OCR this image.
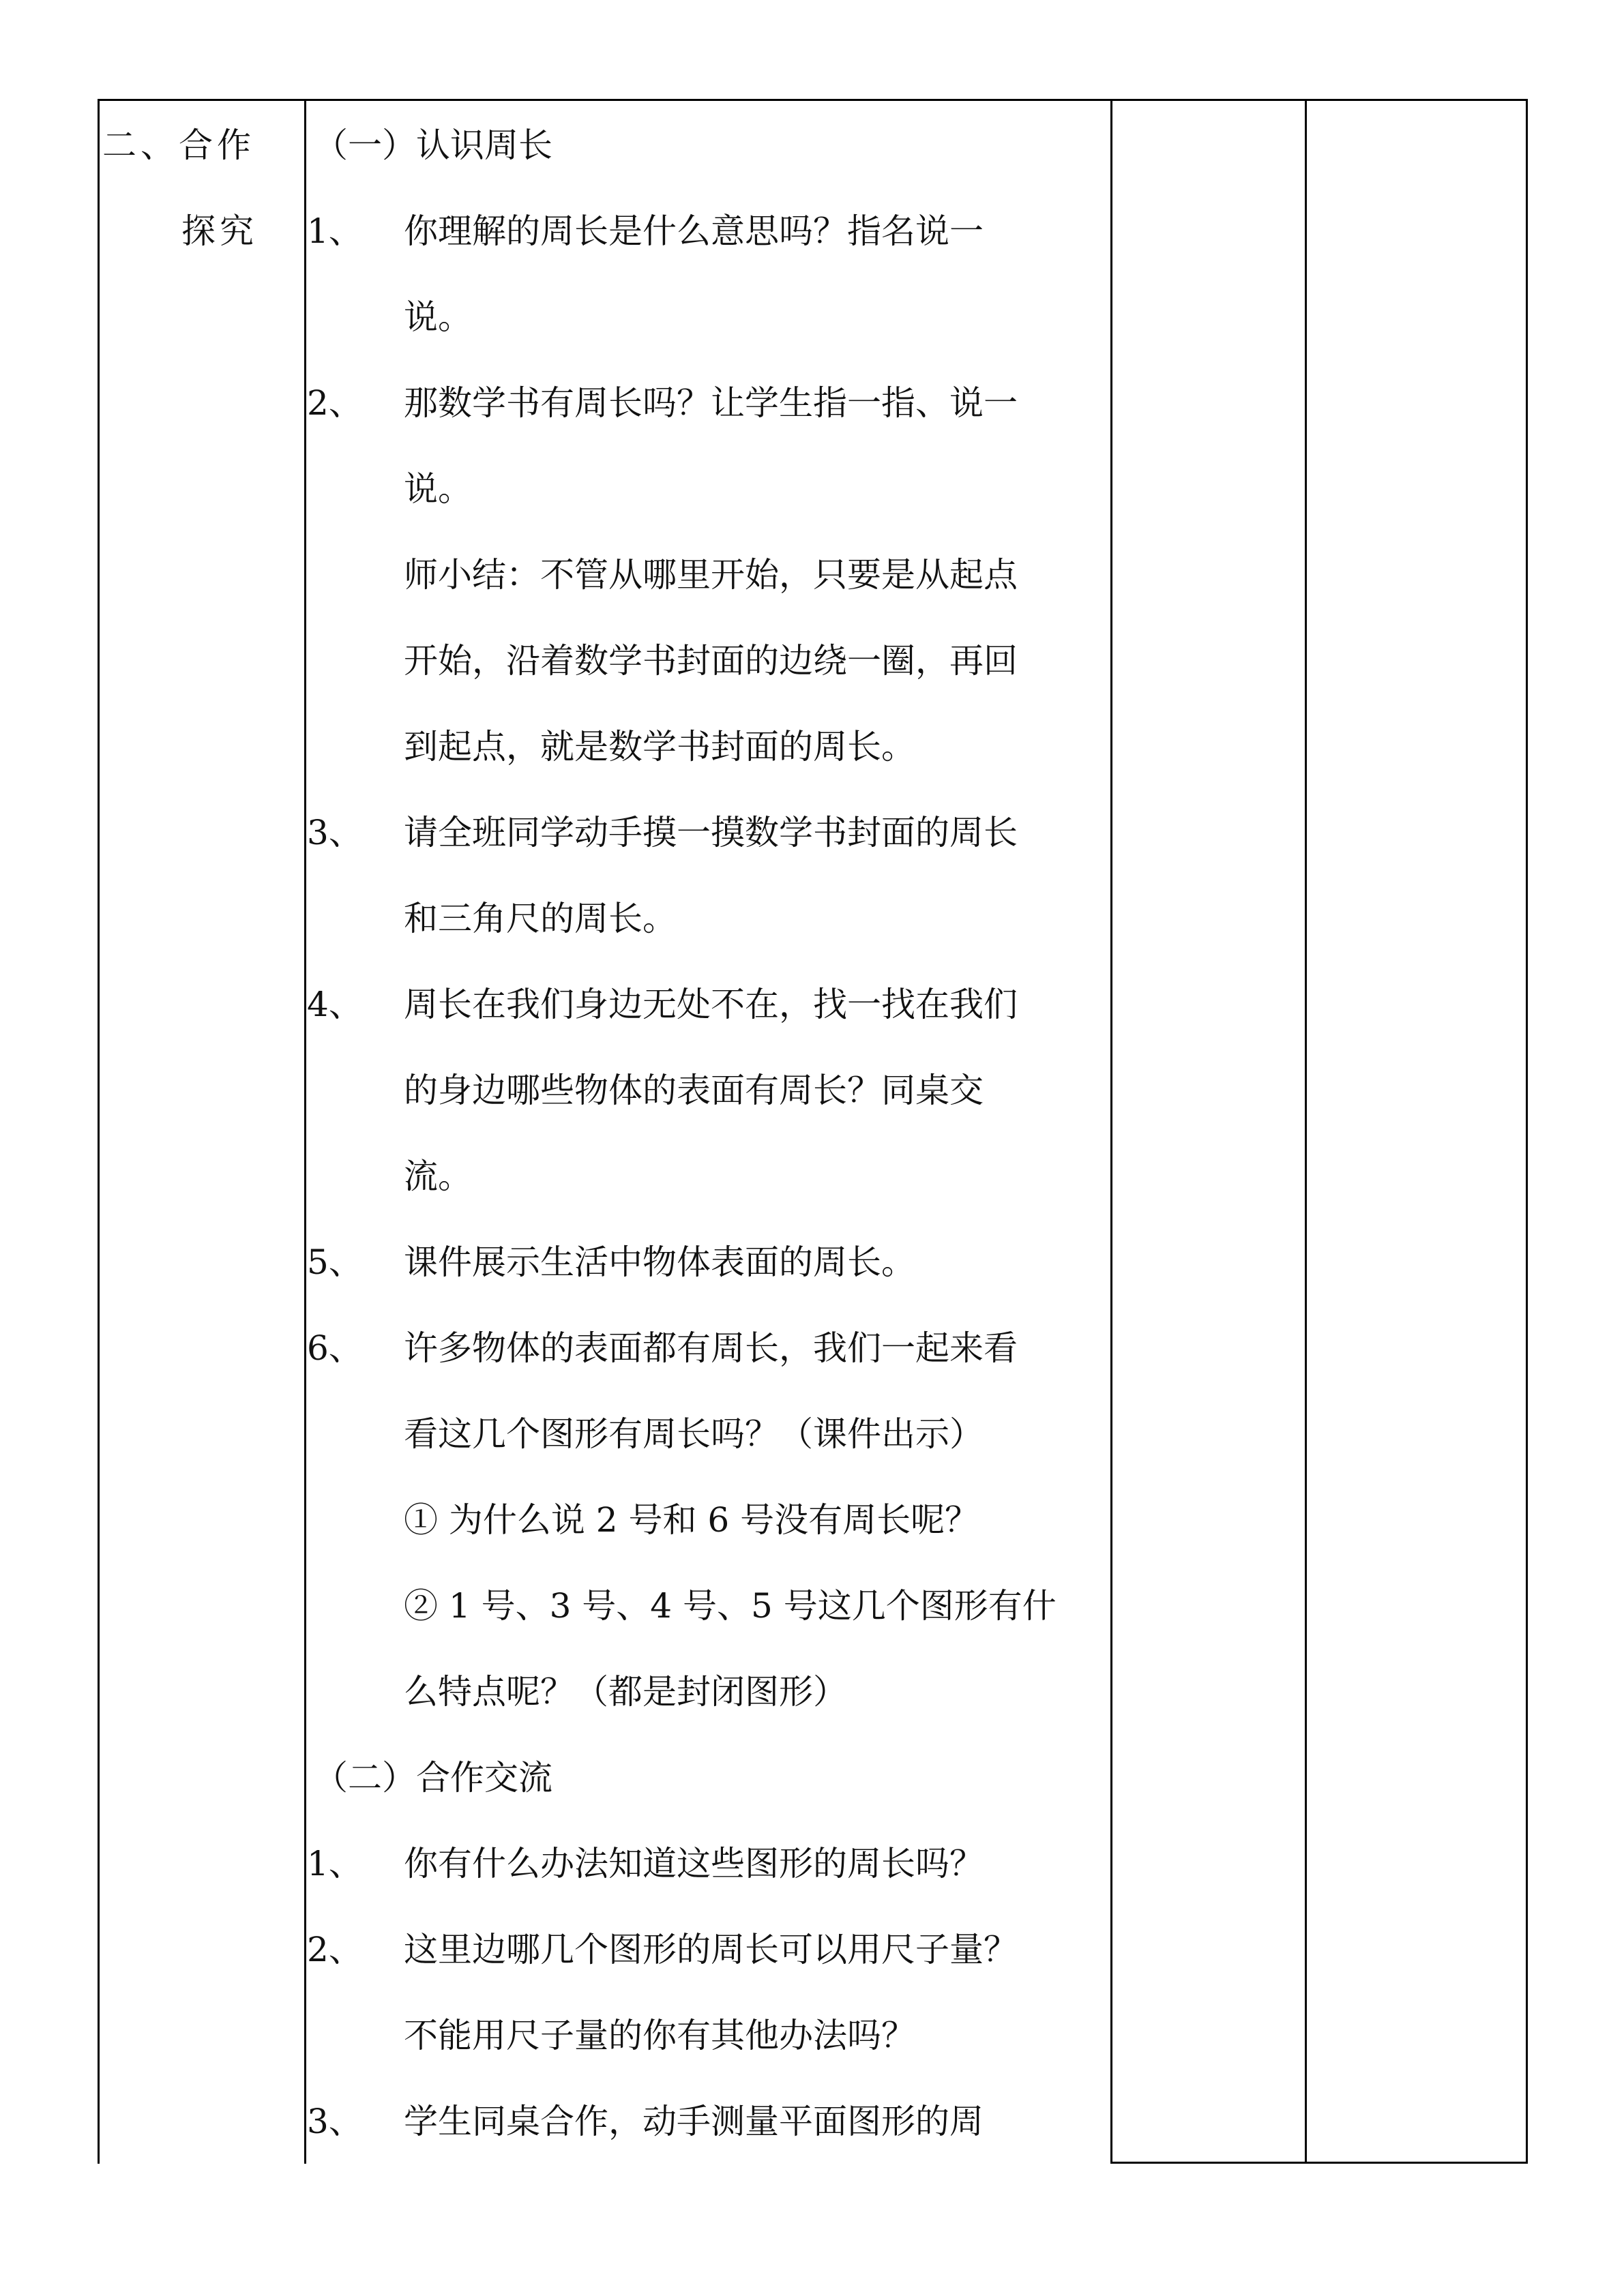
二、合作
探究
（一）认识周长
1、 你理解的周长是什么意思吗？指名说一
说。
2、 那数学书有周长吗？让学生指一指、说一
说。
师小结：不管从哪里开始，只要是从起点
开始，沿着数学书封面的边绕一圈，再回
到起点，就是数学书封面的周长。
3、 请全班同学动手摸一摸数学书封面的周长
和三角尺的周长。
4、 周长在我们身边无处不在，找一找在我们
的身边哪些物体的表面有周长？同桌交
流。
5、 课件展示生活中物体表面的周长。
6、 许多物体的表面都有周长，我们一起来看
看这几个图形有周长吗？（课件出示）
① 为什么说 2 号和 6 号没有周长呢？
② 1 号、3 号、4 号、5 号这几个图形有什
么特点呢？（都是封闭图形）
（二）合作交流
1、 你有什么办法知道这些图形的周长吗？
2、 这里边哪几个图形的周长可以用尺子量？
不能用尺子量的你有其他办法吗？
3、 学生同桌合作，动手测量平面图形的周
